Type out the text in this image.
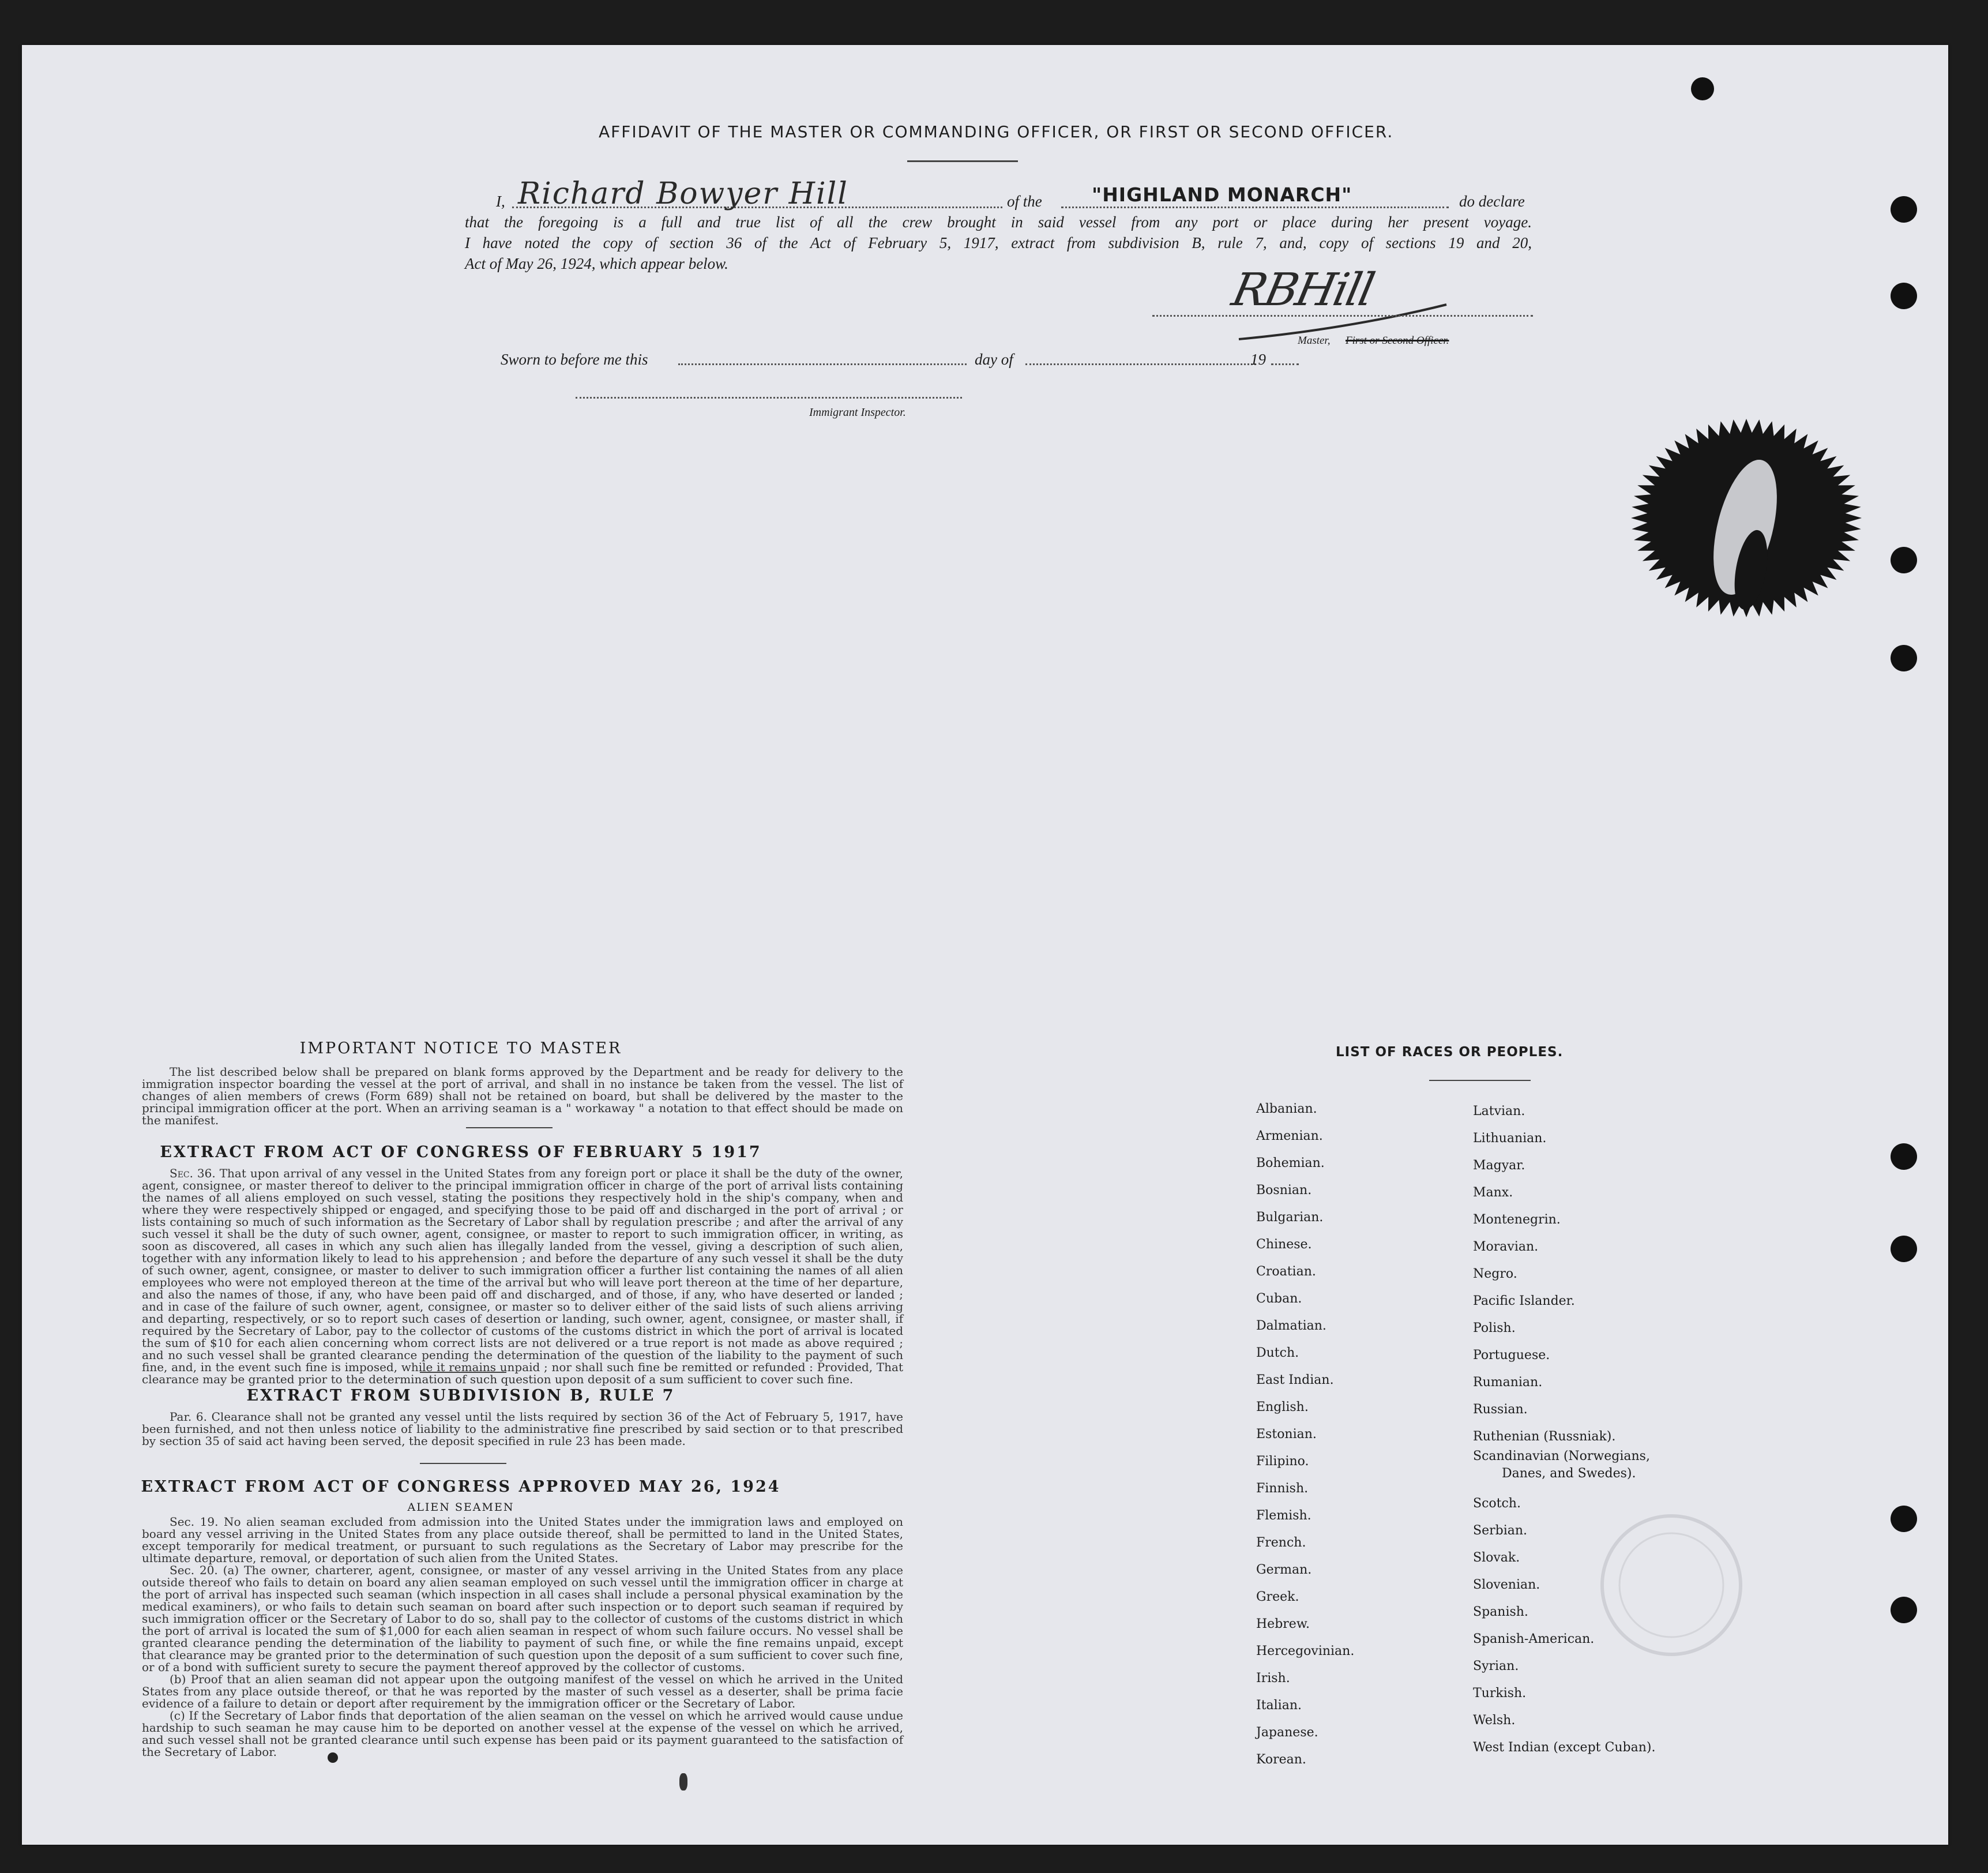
AFFIDAVIT OF THE MASTER OR COMMANDING OFFICER, OR FIRST OR SECOND OFFICER.
I, Richard Bowyer Hill	of the	"HIGHLAND MONARCH"	do declare
that the foregoing is a full and true list of all the crew brought in said vessel from any port or place during her present voyage.
I have noted the copy of section 36 of the Act of February 5, 1917, extract from subdivision B, rule 7, and, copy of sections 19 and 20,
Act of May 26, 1924, which appear below.
RBHill
Master, First or Second Officer.
Sworn to before me this	day of	19
Immigrant Inspector.
IMPORTANT NOTICE TO MASTER
The list described below shall be prepared on blank forms approved by the Department and be ready for delivery to the immigration inspector boarding the vessel at the port of arrival, and shall in no instance be taken from the vessel. The list of changes of alien members of crews (Form 689) shall not be retained on board, but shall be delivered by the master to the principal immigration officer at the port. When an arriving seaman is a " workaway " a notation to that effect should be made on the manifest.
EXTRACT FROM ACT OF CONGRESS OF FEBRUARY 5 1917
Sec. 36. That upon arrival of any vessel in the United States from any foreign port or place it shall be the duty of the owner, agent, consignee, or master thereof to deliver to the principal immigration officer in charge of the port of arrival lists containing the names of all aliens employed on such vessel, stating the positions they respectively hold in the ship's company, when and where they were respectively shipped or engaged, and specifying those to be paid off and discharged in the port of arrival ; or lists containing so much of such information as the Secretary of Labor shall by regulation prescribe ; and after the arrival of any such vessel it shall be the duty of such owner, agent, consignee, or master to report to such immigration officer, in writing, as soon as discovered, all cases in which any such alien has illegally landed from the vessel, giving a description of such alien, together with any information likely to lead to his apprehension ; and before the departure of any such vessel it shall be the duty of such owner, agent, consignee, or master to deliver to such immigration officer a further list containing the names of all alien employees who were not employed thereon at the time of the arrival but who will leave port thereon at the time of her departure, and also the names of those, if any, who have been paid off and discharged, and of those, if any, who have deserted or landed ; and in case of the failure of such owner, agent, consignee, or master so to deliver either of the said lists of such aliens arriving and departing, respectively, or so to report such cases of desertion or landing, such owner, agent, consignee, or master shall, if required by the Secretary of Labor, pay to the collector of customs of the customs district in which the port of arrival is located the sum of $10 for each alien concerning whom correct lists are not delivered or a true report is not made as above required ; and no such vessel shall be granted clearance pending the determination of the question of the liability to the payment of such fine, and, in the event such fine is imposed, while it remains unpaid ; nor shall such fine be remitted or refunded : Provided, That clearance may be granted prior to the determination of such question upon deposit of a sum sufficient to cover such fine.
EXTRACT FROM SUBDIVISION B, RULE 7
Par. 6. Clearance shall not be granted any vessel until the lists required by section 36 of the Act of February 5, 1917, have been furnished, and not then unless notice of liability to the administrative fine prescribed by said section or to that prescribed by section 35 of said act having been served, the deposit specified in rule 23 has been made.
EXTRACT FROM ACT OF CONGRESS APPROVED MAY 26, 1924
ALIEN SEAMEN
Sec. 19. No alien seaman excluded from admission into the United States under the immigration laws and employed on board any vessel arriving in the United States from any place outside thereof, shall be permitted to land in the United States, except temporarily for medical treatment, or pursuant to such regulations as the Secretary of Labor may prescribe for the ultimate departure, removal, or deportation of such alien from the United States.
Sec. 20. (a) The owner, charterer, agent, consignee, or master of any vessel arriving in the United States from any place outside thereof who fails to detain on board any alien seaman employed on such vessel until the immigration officer in charge at the port of arrival has inspected such seaman (which inspection in all cases shall include a personal physical examination by the medical examiners), or who fails to detain such seaman on board after such inspection or to deport such seaman if required by such immigration officer or the Secretary of Labor to do so, shall pay to the collector of customs of the customs district in which the port of arrival is located the sum of $1,000 for each alien seaman in respect of whom such failure occurs. No vessel shall be granted clearance pending the determination of the liability to payment of such fine, or while the fine remains unpaid, except that clearance may be granted prior to the determination of such question upon the deposit of a sum sufficient to cover such fine, or of a bond with sufficient surety to secure the payment thereof approved by the collector of customs.
(b) Proof that an alien seaman did not appear upon the outgoing manifest of the vessel on which he arrived in the United States from any place outside thereof, or that he was reported by the master of such vessel as a deserter, shall be prima facie evidence of a failure to detain or deport after requirement by the immigration officer or the Secretary of Labor.
(c) If the Secretary of Labor finds that deportation of the alien seaman on the vessel on which he arrived would cause undue hardship to such seaman he may cause him to be deported on another vessel at the expense of the vessel on which he arrived, and such vessel shall not be granted clearance until such expense has been paid or its payment guaranteed to the satisfaction of the Secretary of Labor.
LIST OF RACES OR PEOPLES.
Danes, and Swedes).
Albanian.
Armenian.
Bohemian.
Bosnian.
Bulgarian.
Chinese.
Croatian.
Cuban.
Dalmatian.
Dutch.
East Indian.
English.
Estonian.
Filipino.
Finnish.
Flemish.
French.
German.
Greek.
Hebrew.
Hercegovinian.
Irish.
Italian.
Japanese.
Korean.
Latvian.
Lithuanian.
Magyar.
Manx.
Montenegrin.
Moravian.
Negro.
Pacific Islander.
Polish.
Portuguese.
Rumanian.
Russian.
Ruthenian (Russniak).
Scandinavian (Norwegians,
Scotch.
Serbian.
Slovak.
Slovenian.
Spanish.
Spanish-American.
Syrian.
Turkish.
Welsh.
West Indian (except Cuban).
